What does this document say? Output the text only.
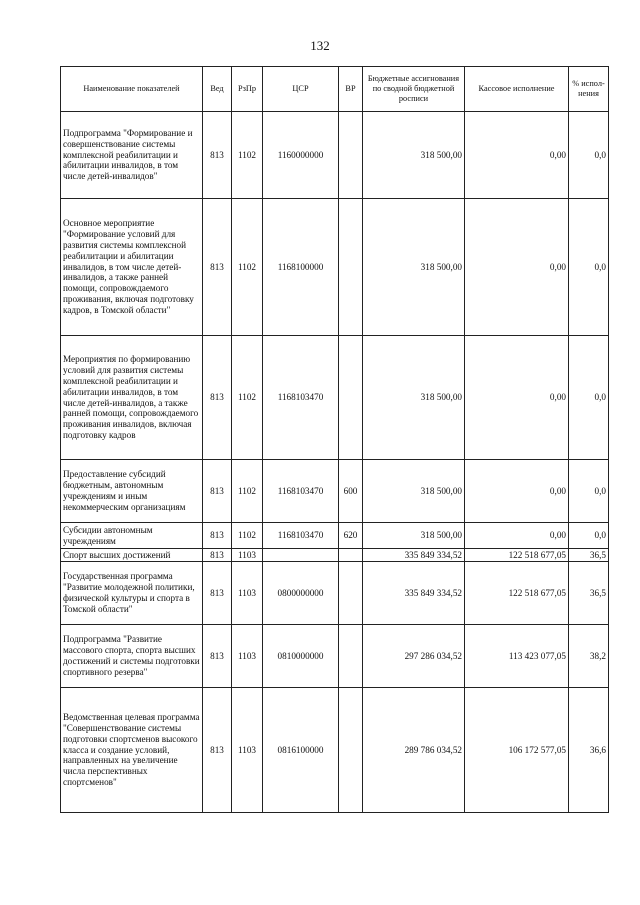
132
Наименование показателей	Вед	РзПр	ЦСР	ВР	Бюджетные ассигнования по сводной бюджетной росписи	Кассовое исполнение	% испол-нения
Подпрограмма "Формирование и совершенствование системы комплексной реабилитации и абилитации инвалидов, в том числе детей-инвалидов"	813	1102	1160000000		318 500,00	0,00	0,0
Основное мероприятие "Формирование условий для развития системы комплексной реабилитации и абилитации инвалидов, в том числе детей-инвалидов, а также ранней помощи, сопровождаемого проживания, включая подготовку кадров, в Томской области"	813	1102	1168100000		318 500,00	0,00	0,0
Мероприятия по формированию условий для развития системы комплексной реабилитации и абилитации инвалидов, в том числе детей-инвалидов, а также ранней помощи, сопровождаемого проживания инвалидов, включая подготовку кадров	813	1102	1168103470		318 500,00	0,00	0,0
Предоставление субсидий бюджетным, автономным учреждениям и иным некоммерческим организациям	813	1102	1168103470	600	318 500,00	0,00	0,0
Субсидии автономным учреждениям	813	1102	1168103470	620	318 500,00	0,00	0,0
Спорт высших достижений	813	1103			335 849 334,52	122 518 677,05	36,5
Государственная программа "Развитие молодежной политики, физической культуры и спорта в Томской области"	813	1103	0800000000		335 849 334,52	122 518 677,05	36,5
Подпрограмма "Развитие массового спорта, спорта высших достижений и системы подготовки спортивного резерва"	813	1103	0810000000		297 286 034,52	113 423 077,05	38,2
Ведомственная целевая программа "Совершенствование системы подготовки спортсменов высокого класса и создание условий, направленных на увеличение числа перспективных спортсменов"	813	1103	0816100000		289 786 034,52	106 172 577,05	36,6
